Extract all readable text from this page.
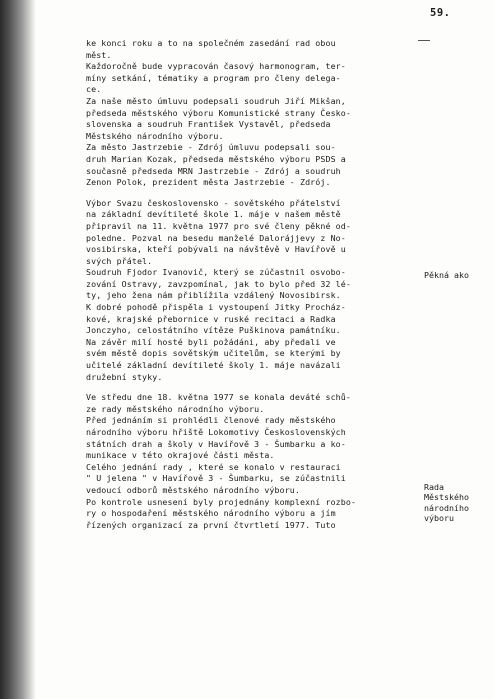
59.

ke konci roku a to na společném zasedání rad obou
měst.
Každoročně bude vypracován časový harmonogram, ter-
míny setkání, tématiky a program pro členy delega-
ce.

Za naše město úmluvu podepsali soudruh Jiří Mikšan,
předseda městského výboru Komunistické strany Česko-
slovenska a soudruh František Vystavěl, předseda
Městského národního výboru.

Za město Jastrzebie - Zdrój úmluvu podepsali sou-
druh Marian Kozak, předseda městského výboru PSDS a
současně předseda MRN Jastrzebie - Zdrój a soudruh
Zenon Polok, prezident města Jastrzebie - Zdrój.

Výbor Svazu československo - sovětského přátelství
na základní devítileté škole 1. máje v našem městě
připravil na 11. května 1977 pro své členy pěkné od-
poledne. Pozval na besedu manželé Dalorájjevy z No-
vosibirska, kteří pobývali na návštěvě v Havířově u
svých přátel.
Soudruh Fjodor Ivanovič, který se zúčastnil osvobo-
zování Ostravy, zavzpomínal, jak to bylo před 32 lé-
ty, jeho žena nám přiblížila vzdálený Novosibirsk.
K dobré pohodě přispěla i vystoupení Jitky Procház-
kové, krajské přebornice v ruské recitaci a Radka
Jonczyho, celostátního vítěze Puškinova památníku.
Na závěr milí hosté byli požádáni, aby předali ve
svém městě dopis sovětským učitelům, se kterými by
učitelé základní devítileté školy 1. máje navázali
družební styky.

Ve středu dne 18. května 1977 se konala deváté schů-
ze rady městského národního výboru.
Před jednáním si prohlédli členové rady městského
národního výboru hřiště Lokomotivy Československých
státních drah a školy v Havířově 3 - Šumbarku a ko-
munikace v této okrajové části města.
Celého jednání rady , které se konalo v restauraci
" U jelena " v Havířově 3 - Šumbarku, se zúčastnili
vedoucí odborů městského národního výboru.
Po kontrole usnesení byly projednány komplexní rozbo-
ry o hospodaření městského národního výboru a jím
řízených organizací za první čtvrtletí 1977. Tuto

Pěkná ako
Rada
Městského
národního
výboru
